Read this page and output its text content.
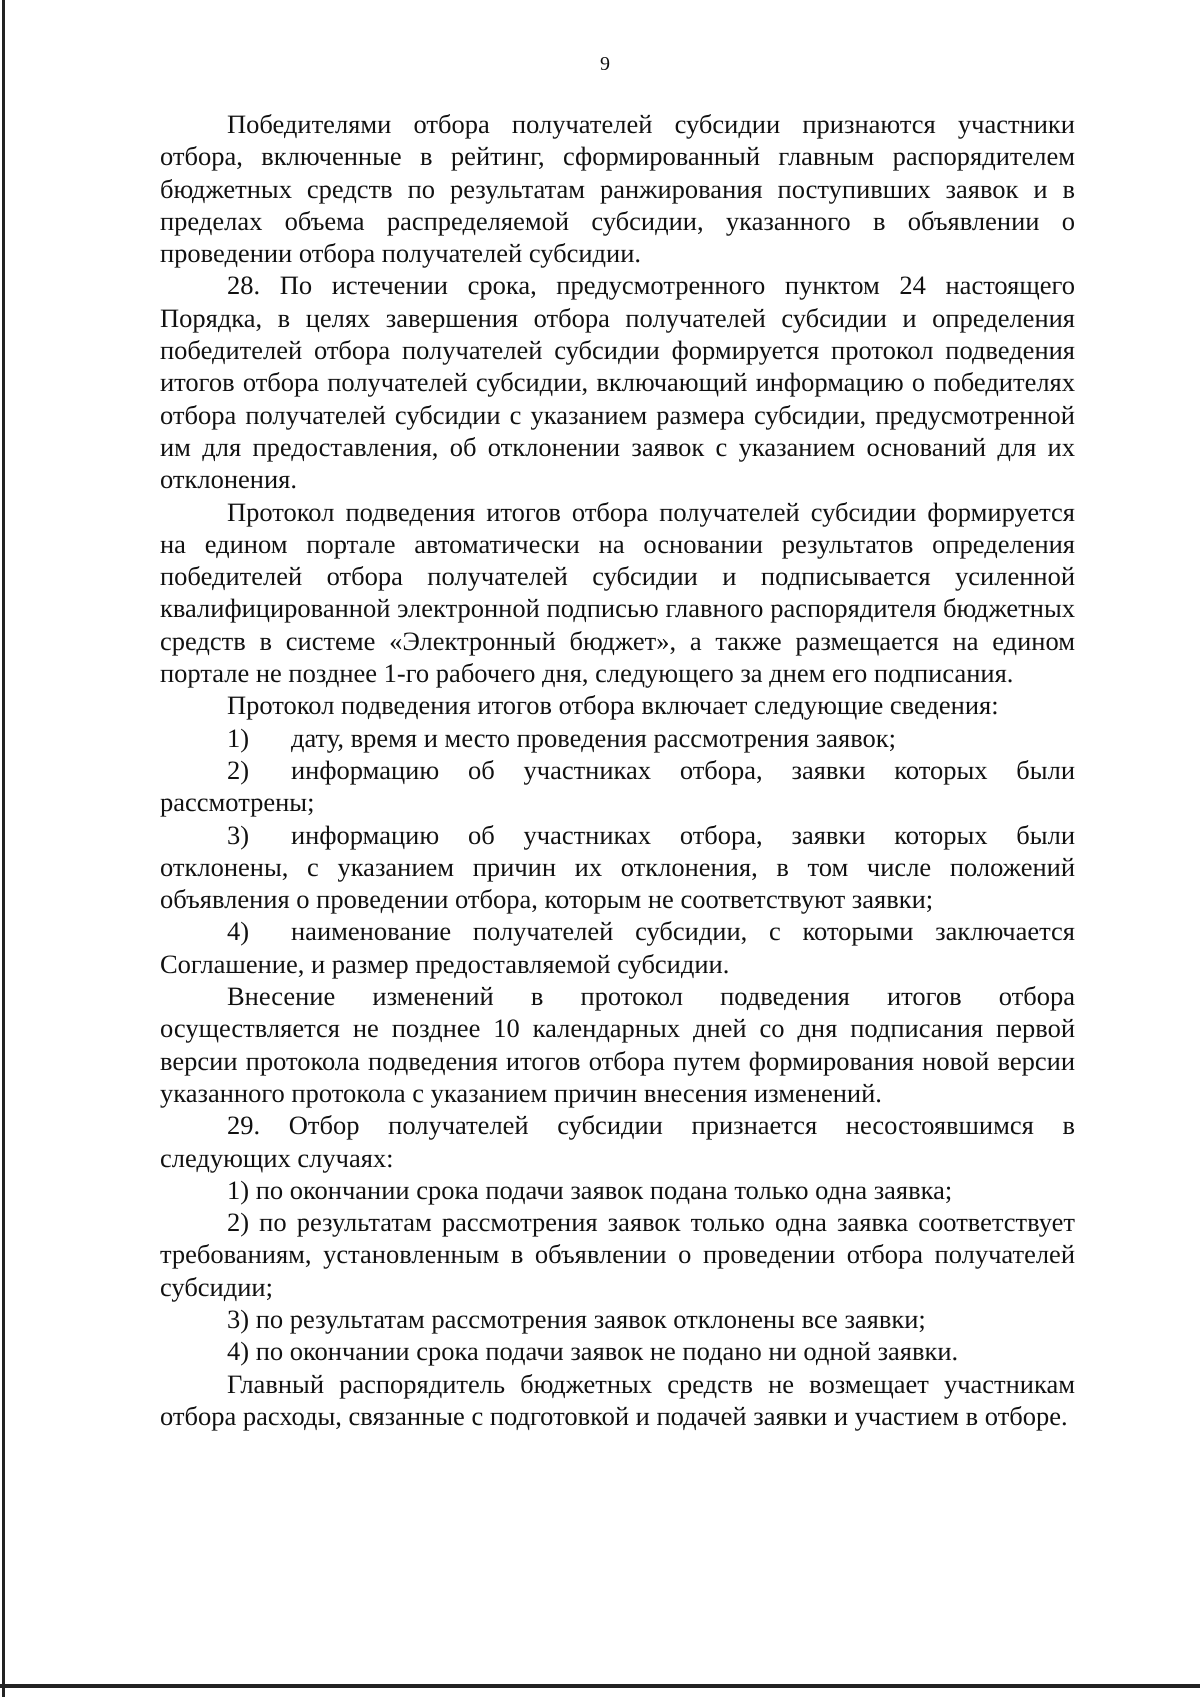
9

Победителями отбора получателей субсидии признаются участники отбора, включенные в рейтинг, сформированный главным распорядителем бюджетных средств по результатам ранжирования поступивших заявок и в пределах объема распределяемой субсидии, указанного в объявлении о проведении отбора получателей субсидии.

28. По истечении срока, предусмотренного пунктом 24 настоящего Порядка, в целях завершения отбора получателей субсидии и определения победителей отбора получателей субсидии формируется протокол подведения итогов отбора получателей субсидии, включающий информацию о победителях отбора получателей субсидии с указанием размера субсидии, предусмотренной им для предоставления, об отклонении заявок с указанием оснований для их отклонения.

Протокол подведения итогов отбора получателей субсидии формируется на едином портале автоматически на основании результатов определения победителей отбора получателей субсидии и подписывается усиленной квалифицированной электронной подписью главного распорядителя бюджетных средств в системе «Электронный бюджет», а также размещается на едином портале не позднее 1-го рабочего дня, следующего за днем его подписания.

Протокол подведения итогов отбора включает следующие сведения:

1) дату, время и место проведения рассмотрения заявок;

2) информацию об участниках отбора, заявки которых были рассмотрены;

3) информацию об участниках отбора, заявки которых были отклонены, с указанием причин их отклонения, в том числе положений объявления о проведении отбора, которым не соответствуют заявки;

4) наименование получателей субсидии, с которыми заключается Соглашение, и размер предоставляемой субсидии.

Внесение изменений в протокол подведения итогов отбора осуществляется не позднее 10 календарных дней со дня подписания первой версии протокола подведения итогов отбора путем формирования новой версии указанного протокола с указанием причин внесения изменений.

29. Отбор получателей субсидии признается несостоявшимся в следующих случаях:

1) по окончании срока подачи заявок подана только одна заявка;

2) по результатам рассмотрения заявок только одна заявка соответствует требованиям, установленным в объявлении о проведении отбора получателей субсидии;

3) по результатам рассмотрения заявок отклонены все заявки;

4) по окончании срока подачи заявок не подано ни одной заявки.

Главный распорядитель бюджетных средств не возмещает участникам отбора расходы, связанные с подготовкой и подачей заявки и участием в отборе.
